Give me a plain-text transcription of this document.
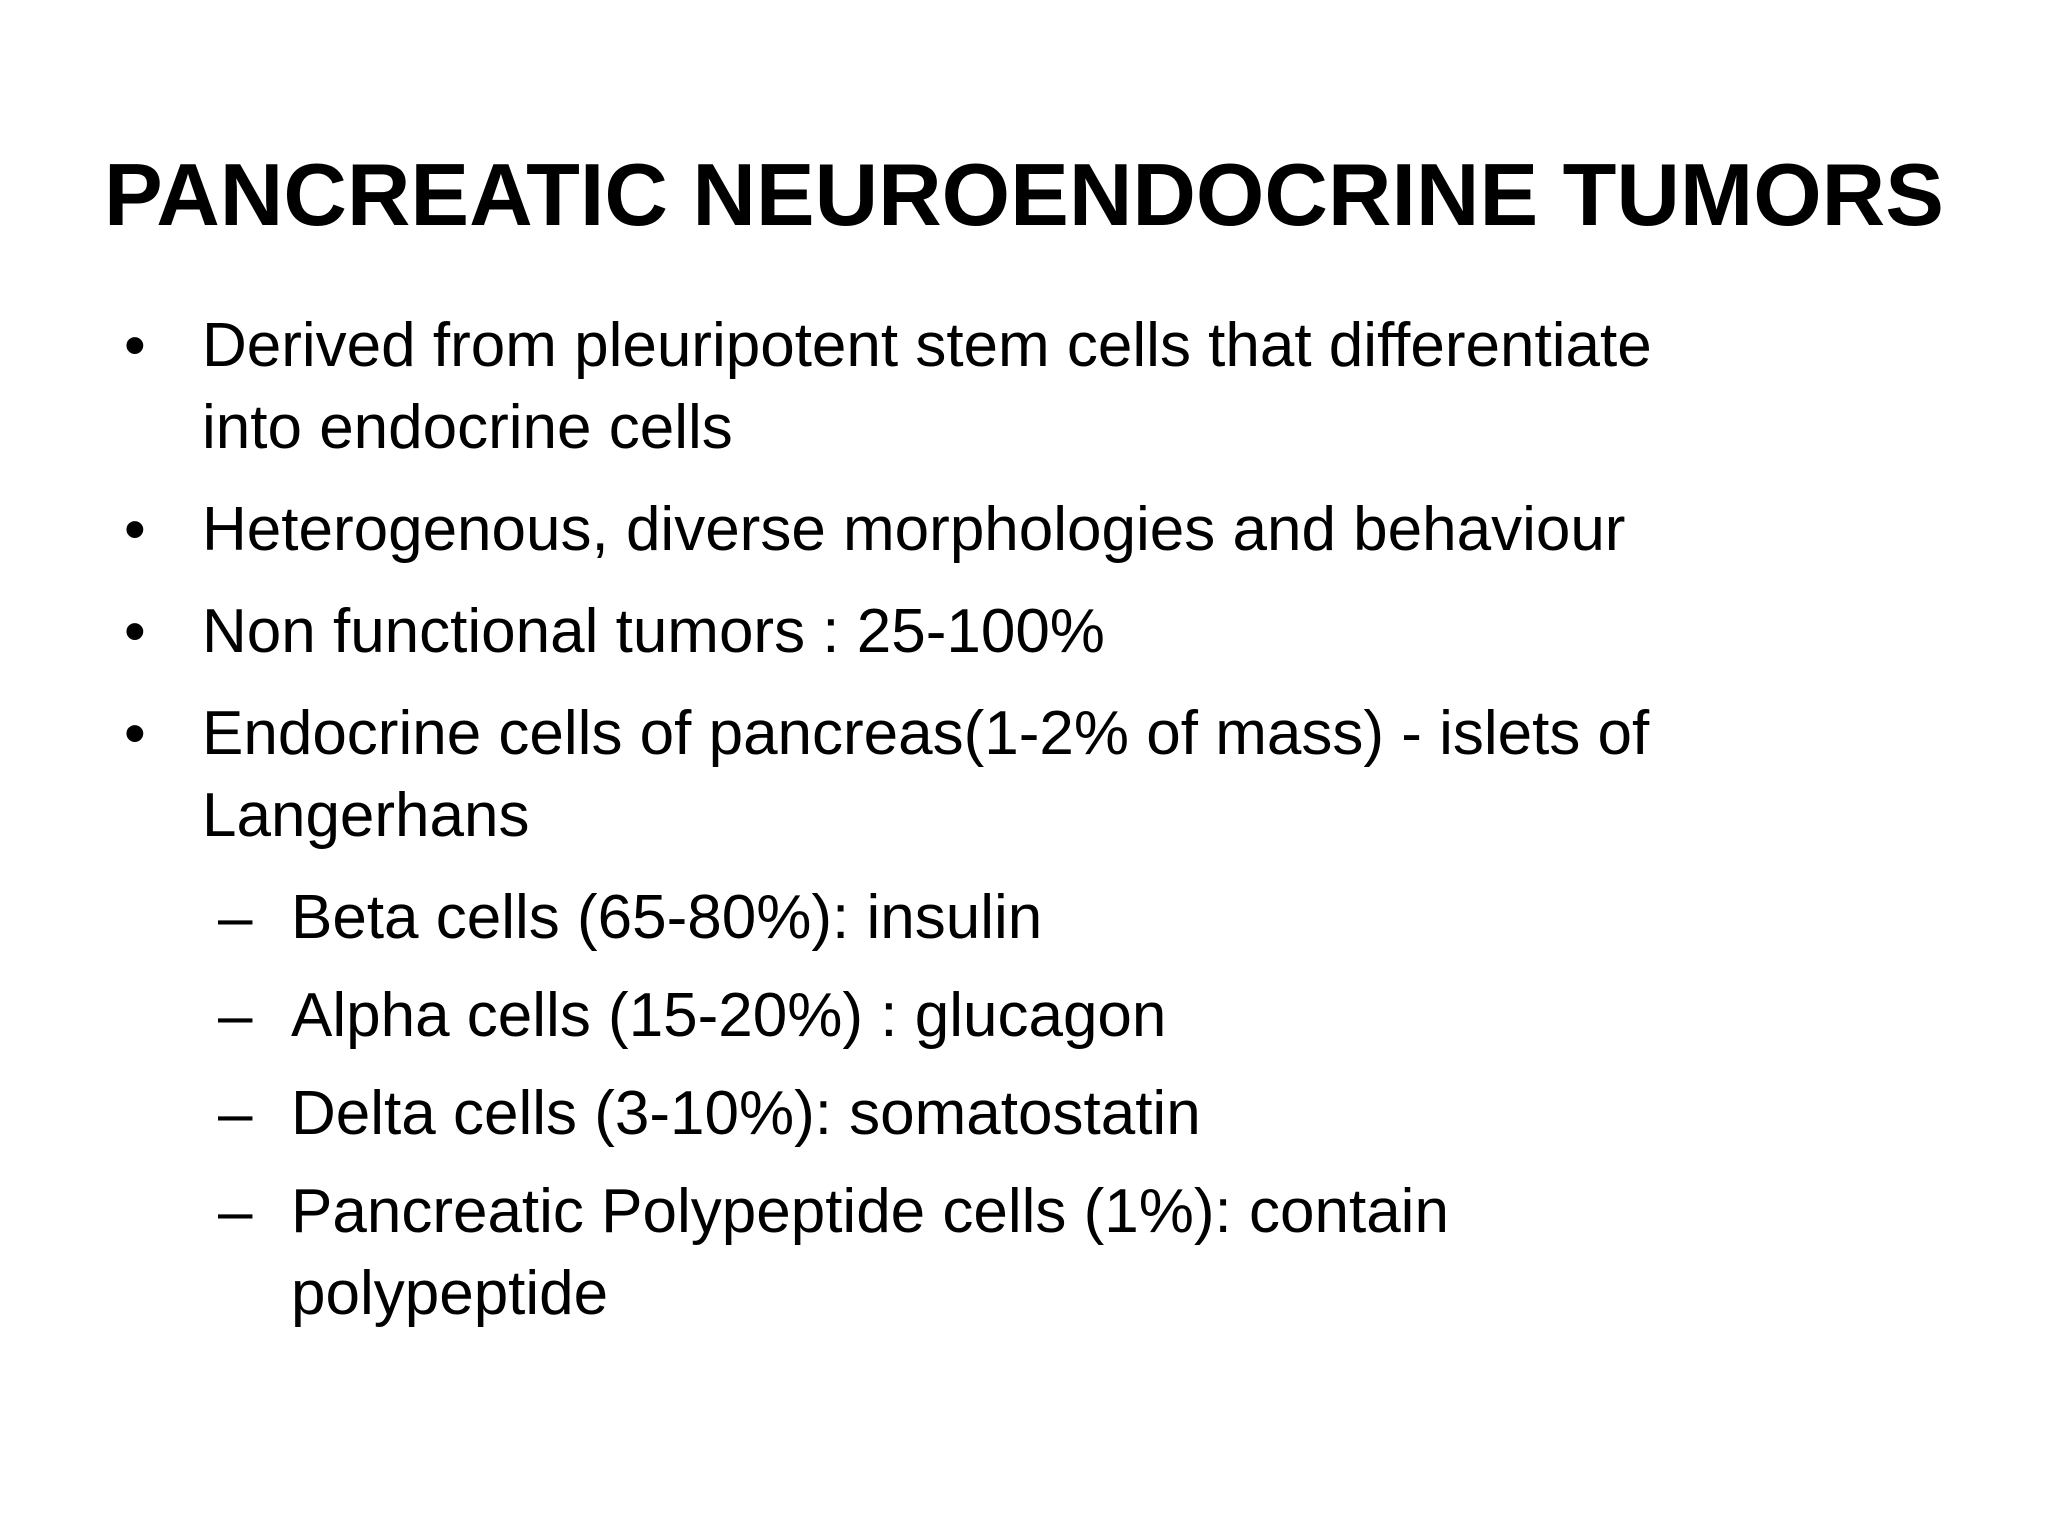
PANCREATIC NEUROENDOCRINE TUMORS
• Derived from pleuripotent stem cells that differentiate
into endocrine cells
• Heterogenous, diverse morphologies and behaviour
• Non functional tumors : 25-100%
• Endocrine cells of pancreas(1-2% of mass) - islets of
Langerhans
– Beta cells (65-80%): insulin
– Alpha cells (15-20%) : glucagon
– Delta cells (3-10%): somatostatin
– Pancreatic Polypeptide cells (1%): contain
polypeptide
